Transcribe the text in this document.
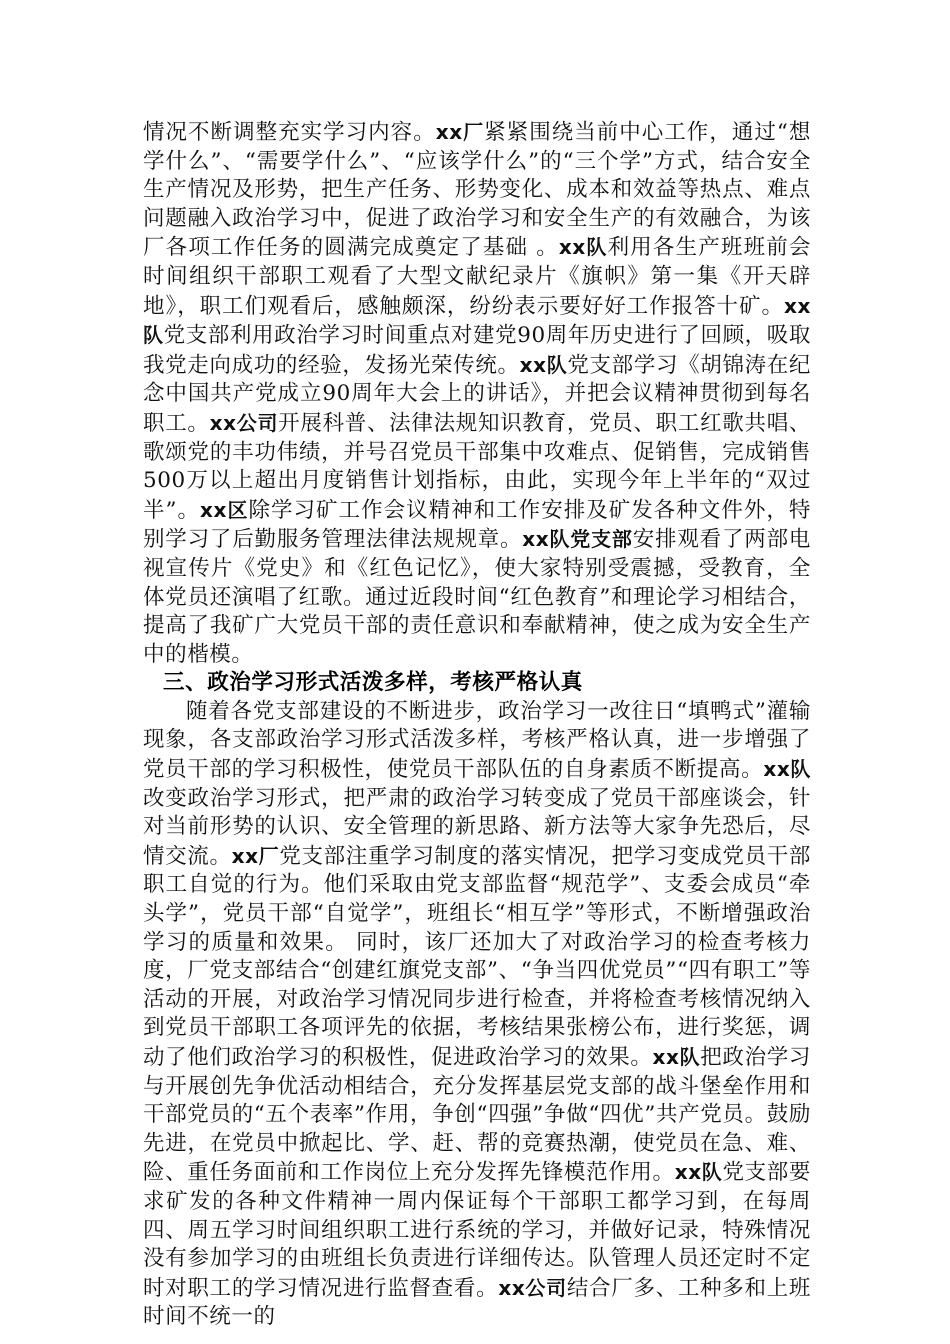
情况不断调整充实学习内容。xx厂紧紧围绕当前中心工作，通过“想学什么”、“需要学什么”、“应该学什么”的“三个学”方式，结合安全生产情况及形势，把生产任务、形势变化、成本和效益等热点、难点问题融入政治学习中，促进了政治学习和安全生产的有效融合，为该厂各项工作任务的圆满完成奠定了基础 。xx队利用各生产班班前会时间组织干部职工观看了大型文献纪录片《旗帜》第一集《开天辟地》，职工们观看后，感触颇深，纷纷表示要好好工作报答十矿。xx队党支部利用政治学习时间重点对建党90周年历史进行了回顾，吸取我党走向成功的经验，发扬光荣传统。xx队党支部学习《胡锦涛在纪念中国共产党成立90周年大会上的讲话》，并把会议精神贯彻到每名职工。xx公司开展科普、法律法规知识教育，党员、职工红歌共唱、歌颂党的丰功伟绩，并号召党员干部集中攻难点、促销售，完成销售500万以上超出月度销售计划指标，由此，实现今年上半年的“双过半”。xx区除学习矿工作会议精神和工作安排及矿发各种文件外，特别学习了后勤服务管理法律法规规章。xx队党支部安排观看了两部电视宣传片《党史》和《红色记忆》，使大家特别受震撼，受教育，全体党员还演唱了红歌。通过近段时间“红色教育”和理论学习相结合，提高了我矿广大党员干部的责任意识和奉献精神，使之成为安全生产中的楷模。

三、政治学习形式活泼多样，考核严格认真

随着各党支部建设的不断进步，政治学习一改往日“填鸭式”灌输现象，各支部政治学习形式活泼多样，考核严格认真，进一步增强了党员干部的学习积极性，使党员干部队伍的自身素质不断提高。xx队改变政治学习形式，把严肃的政治学习转变成了党员干部座谈会，针对当前形势的认识、安全管理的新思路、新方法等大家争先恐后，尽情交流。xx厂党支部注重学习制度的落实情况，把学习变成党员干部职工自觉的行为。他们采取由党支部监督“规范学”、支委会成员“牵头学”，党员干部“自觉学”，班组长“相互学”等形式，不断增强政治学习的质量和效果。 同时，该厂还加大了对政治学习的检查考核力度，厂党支部结合“创建红旗党支部”、“争当四优党员”“四有职工”等活动的开展，对政治学习情况同步进行检查，并将检查考核情况纳入到党员干部职工各项评先的依据，考核结果张榜公布，进行奖惩，调动了他们政治学习的积极性，促进政治学习的效果。xx队把政治学习与开展创先争优活动相结合，充分发挥基层党支部的战斗堡垒作用和干部党员的“五个表率”作用，争创“四强”争做“四优”共产党员。鼓励先进，在党员中掀起比、学、赶、帮的竞赛热潮，使党员在急、难、险、重任务面前和工作岗位上充分发挥先锋模范作用。xx队党支部要求矿发的各种文件精神一周内保证每个干部职工都学习到，在每周四、周五学习时间组织职工进行系统的学习，并做好记录，特殊情况没有参加学习的由班组长负责进行详细传达。队管理人员还定时不定时对职工的学习情况进行监督查看。xx公司结合厂多、工种多和上班时间不统一的
